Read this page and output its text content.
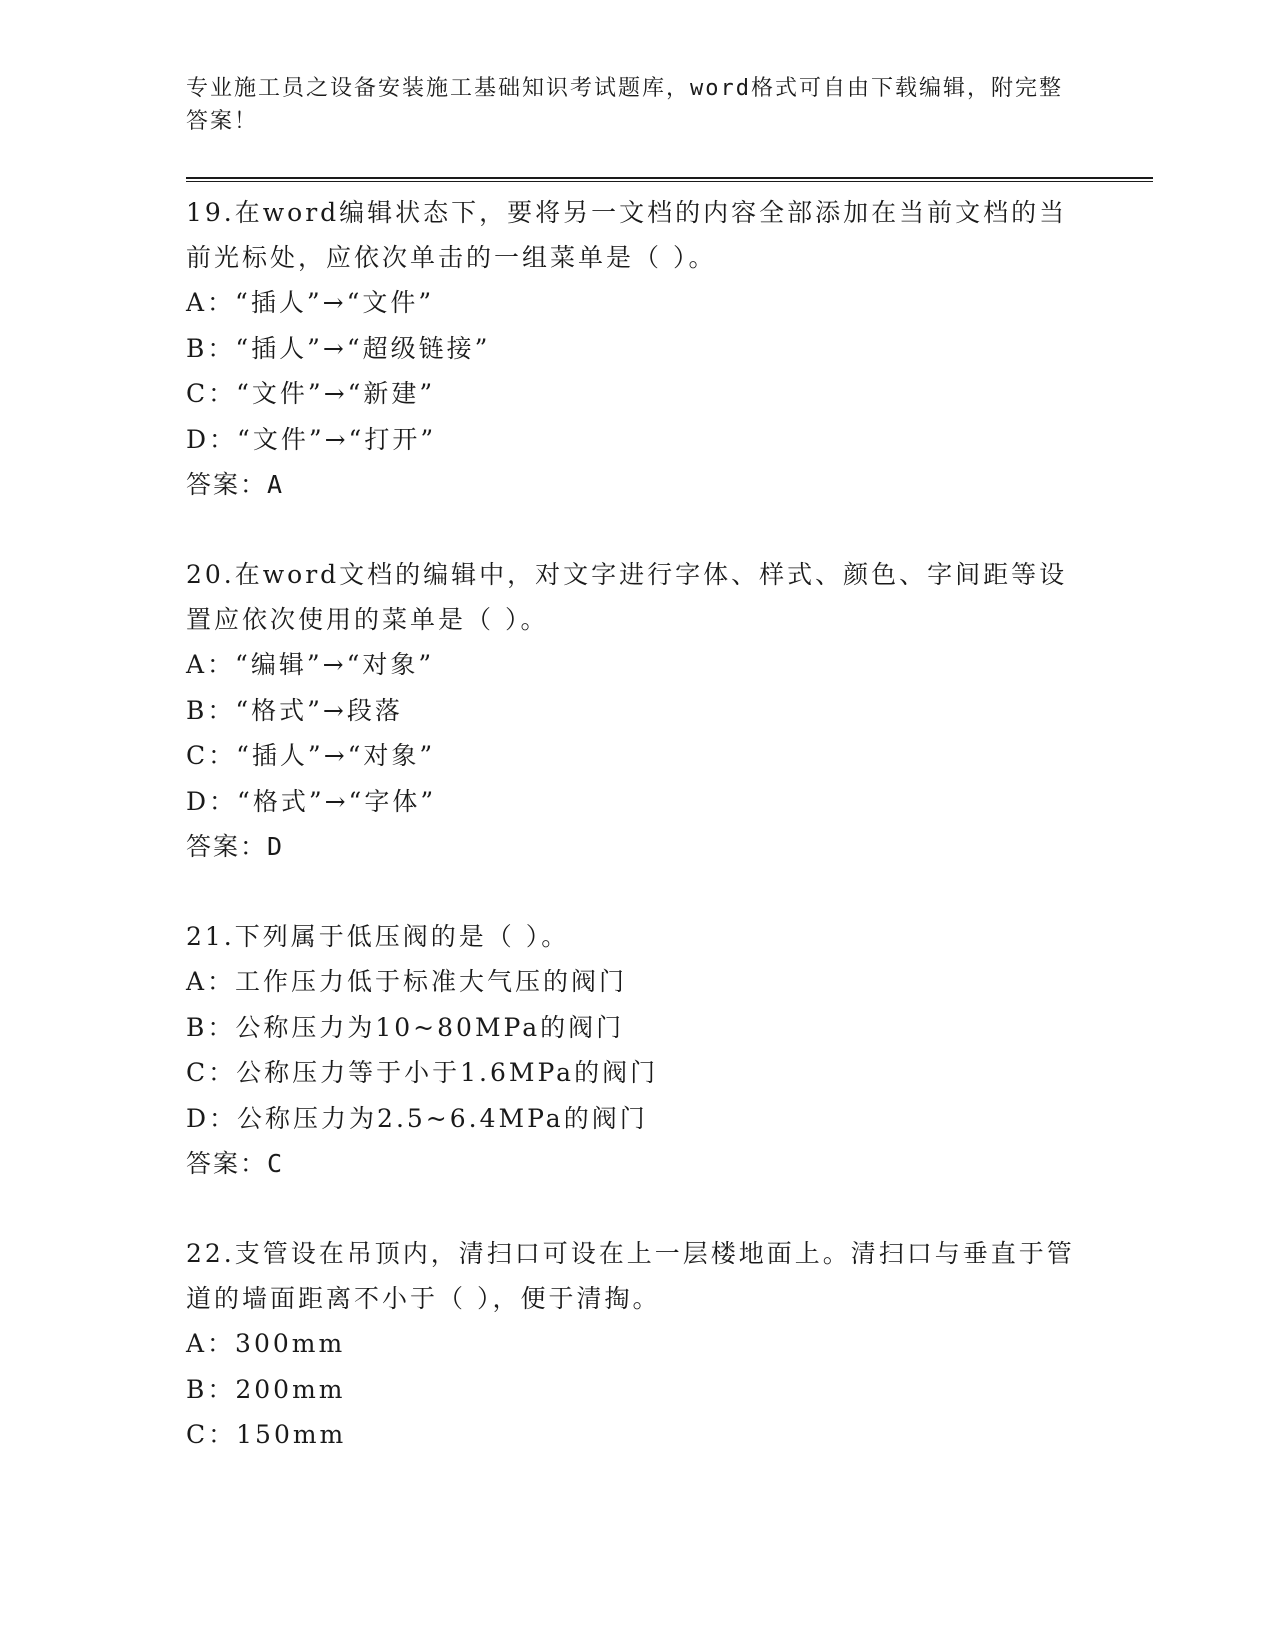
专业施工员之设备安装施工基础知识考试题库，word格式可自由下载编辑，附完整答案！

19.在word编辑状态下，要将另一文档的内容全部添加在当前文档的当前光标处，应依次单击的一组菜单是（ ）。

A：“插人”→“文件”

B：“插人”→“超级链接”

C：“文件”→“新建”

D：“文件”→“打开”

答案：A

20.在word文档的编辑中，对文字进行字体、样式、颜色、字间距等设置应依次使用的菜单是（ ）。

A：“编辑”→“对象”

B：“格式”→段落

C：“插人”→“对象”

D：“格式”→“字体”

答案：D

21.下列属于低压阀的是（ ）。

A：工作压力低于标准大气压的阀门

B：公称压力为10~80MPa的阀门

C：公称压力等于小于1.6MPa的阀门

D：公称压力为2.5~6.4MPa的阀门

答案：C

22.支管设在吊顶内，清扫口可设在上一层楼地面上。清扫口与垂直于管道的墙面距离不小于（ ），便于清掏。

A：300mm

B：200mm

C：150mm
